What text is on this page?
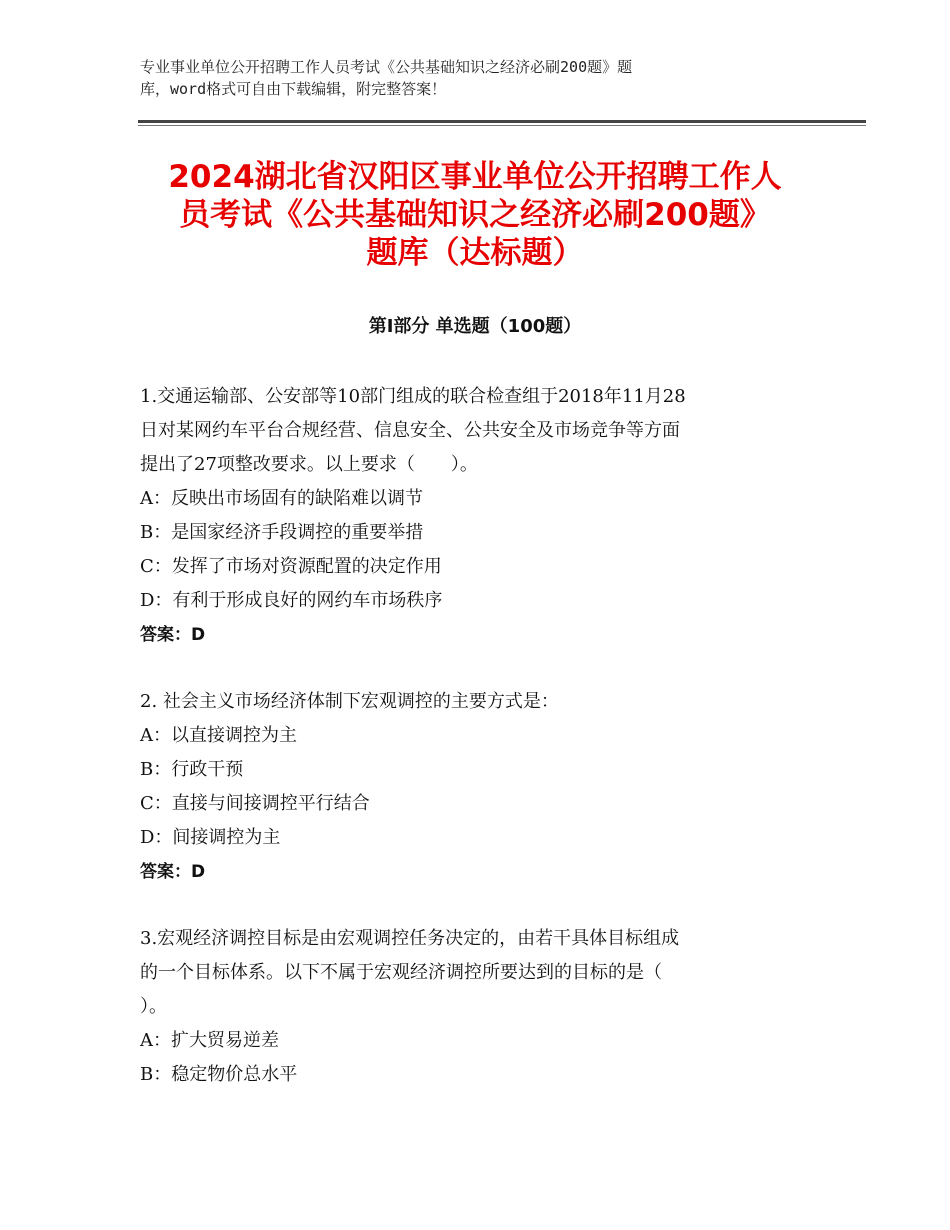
专业事业单位公开招聘工作人员考试《公共基础知识之经济必刷200题》题
库，word格式可自由下载编辑，附完整答案！
2024湖北省汉阳区事业单位公开招聘工作人
员考试《公共基础知识之经济必刷200题》
题库（达标题）
第Ⅰ部分 单选题（100题）
1.交通运输部、公安部等10部门组成的联合检查组于2018年11月28
日对某网约车平台合规经营、信息安全、公共安全及市场竞争等方面
提出了27项整改要求。以上要求（　　）。
A：反映出市场固有的缺陷难以调节
B：是国家经济手段调控的重要举措
C：发挥了市场对资源配置的决定作用
D：有利于形成良好的网约车市场秩序
答案：D
2. 社会主义市场经济体制下宏观调控的主要方式是：
A：以直接调控为主
B：行政干预
C：直接与间接调控平行结合
D：间接调控为主
答案：D
3.宏观经济调控目标是由宏观调控任务决定的，由若干具体目标组成
的一个目标体系。以下不属于宏观经济调控所要达到的目标的是（
）。
A：扩大贸易逆差
B：稳定物价总水平
